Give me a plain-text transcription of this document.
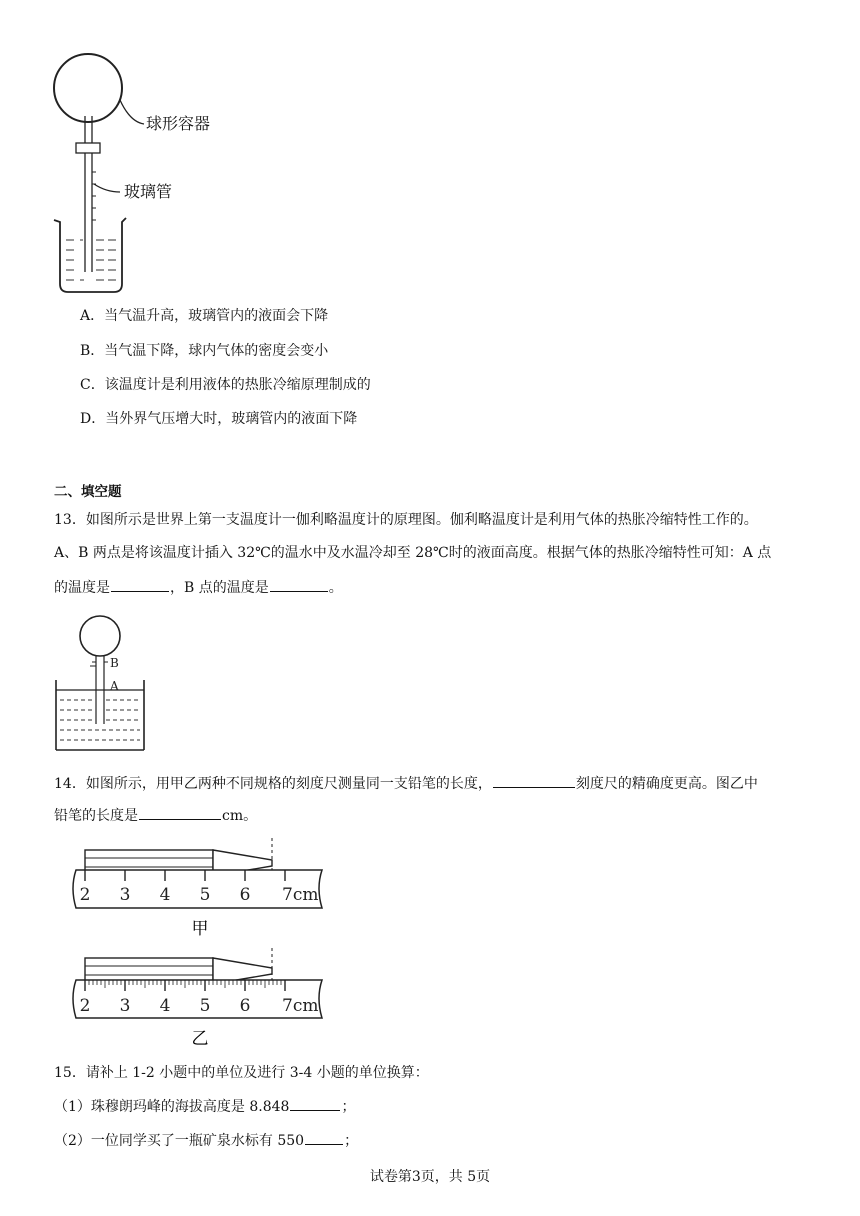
球形容器
玻璃管
A．当气温升高，玻璃管内的液面会下降
B．当气温下降，球内气体的密度会变小
C．该温度计是利用液体的热胀冷缩原理制成的
D．当外界气压增大时，玻璃管内的液面下降
二、填空题
13．如图所示是世界上第一支温度计一伽利略温度计的原理图。伽利略温度计是利用气体的热胀冷缩特性工作的。
A、B 两点是将该温度计插入 32℃的温水中及水温冷却至 28℃时的液面高度。根据气体的热胀冷缩特性可知：A 点
的温度是	，B 点的温度是	。
B
A
14．如图所示，用甲乙两种不同规格的刻度尺测量同一支铅笔的长度，	刻度尺的精确度更高。图乙中
铅笔的长度是	cm。
2 3 4 5 6 7cm
甲
2 3 4 5 6 7cm
乙
15．请补上 1-2 小题中的单位及进行 3-4 小题的单位换算：
（1）珠穆朗玛峰的海拔高度是 8.848	；
（2）一位同学买了一瓶矿泉水标有 550	；
试卷第3页，共 5页
